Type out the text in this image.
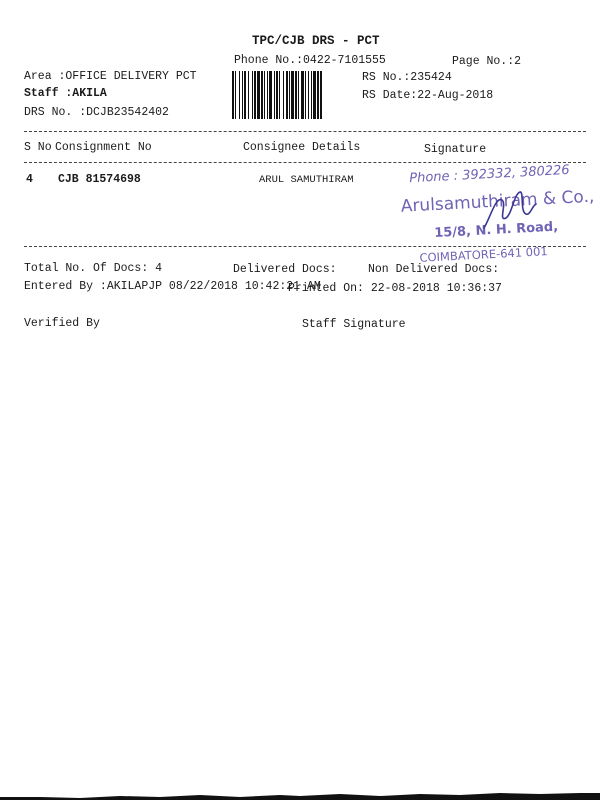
TPC/CJB DRS - PCT
Phone No.:0422-7101555	Page No.:2
Area :OFFICE DELIVERY PCT
Staff :AKILA
DRS No. :DCJB23542402
RS No.:235424
RS Date:22-Aug-2018
S No Consignment No	Consignee Details	Signature
4 CJB 81574698	ARUL SAMUTHIRAM	Phone : 392332, 380226
Arulsamuthiram & Co.,
15/8, N. H. Road,
COIMBATORE-641 001
Total No. Of Docs: 4	Delivered Docs:	Non Delivered Docs:
Entered By :AKILAPJP 08/22/2018 10:42:21 AM
Printed On: 22-08-2018 10:36:37
Verified By	Staff Signature
